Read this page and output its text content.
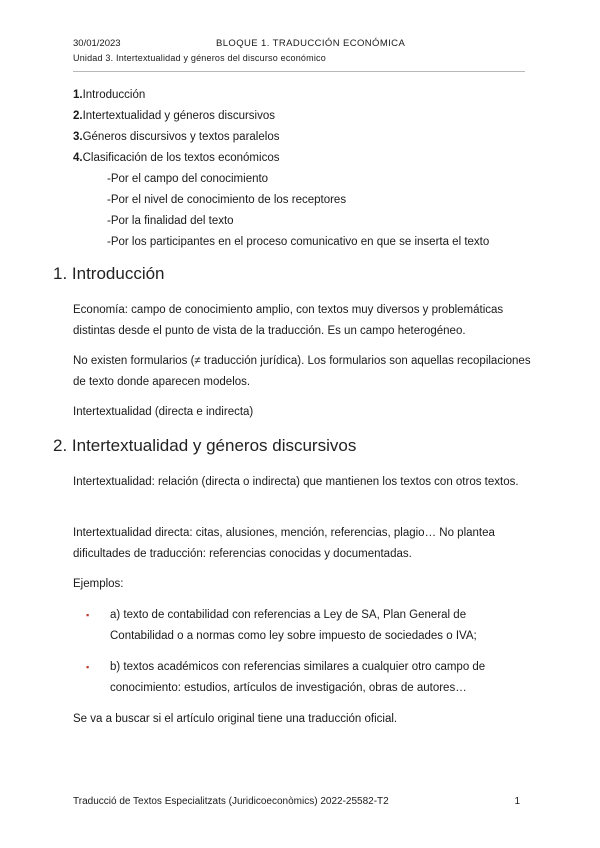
30/01/2023	BLOQUE 1. TRADUCCIÓN ECONÓMICA
Unidad 3. Intertextualidad y géneros del discurso económico
1.Introducción
2.Intertextualidad y géneros discursivos
3.Géneros discursivos y textos paralelos
4.Clasificación de los textos económicos
-Por el campo del conocimiento
-Por el nivel de conocimiento de los receptores
-Por la finalidad del texto
-Por los participantes en el proceso comunicativo en que se inserta el texto
1. Introducción

Economía: campo de conocimiento amplio, con textos muy diversos y problemáticas distintas desde el punto de vista de la traducción. Es un campo heterogéneo.

No existen formularios (≠ traducción jurídica). Los formularios son aquellas recopilaciones de texto donde aparecen modelos.

Intertextualidad (directa e indirecta)

2. Intertextualidad y géneros discursivos

Intertextualidad: relación (directa o indirecta) que mantienen los textos con otros textos.

Intertextualidad directa: citas, alusiones, mención, referencias, plagio… No plantea dificultades de traducción: referencias conocidas y documentadas.

Ejemplos:

▪ a) texto de contabilidad con referencias a Ley de SA, Plan General de Contabilidad o a normas como ley sobre impuesto de sociedades o IVA;
▪ b) textos académicos con referencias similares a cualquier otro campo de conocimiento: estudios, artículos de investigación, obras de autores…

Se va a buscar si el artículo original tiene una traducción oficial.

Traducció de Textos Especialitzats (Juridicoeconòmics) 2022-25582-T2	1
